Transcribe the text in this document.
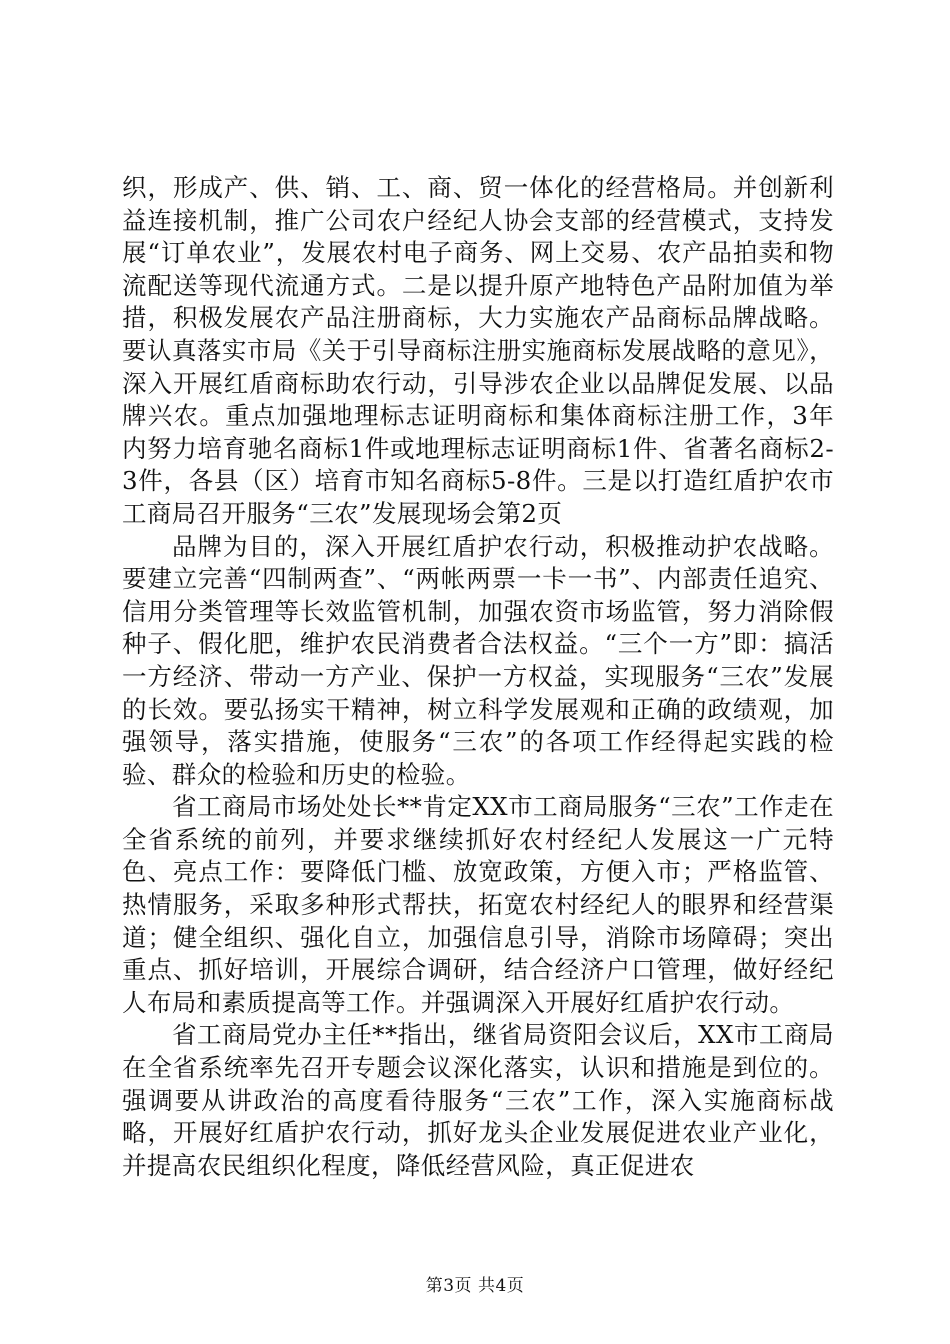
织，形成产、供、销、工、商、贸一体化的经营格局。并创新利益连接机制，推广公司农户经纪人协会支部的经营模式，支持发展“订单农业”，发展农村电子商务、网上交易、农产品拍卖和物流配送等现代流通方式。二是以提升原产地特色产品附加值为举措，积极发展农产品注册商标，大力实施农产品商标品牌战略。要认真落实市局《关于引导商标注册实施商标发展战略的意见》，深入开展红盾商标助农行动，引导涉农企业以品牌促发展、以品牌兴农。重点加强地理标志证明商标和集体商标注册工作，3年内努力培育驰名商标1件或地理标志证明商标1件、省著名商标2-3件，各县（区）培育市知名商标5-8件。三是以打造红盾护农市工商局召开服务“三农”发展现场会第2页

品牌为目的，深入开展红盾护农行动，积极推动护农战略。要建立完善“四制两查”、“两帐两票一卡一书”、内部责任追究、信用分类管理等长效监管机制，加强农资市场监管，努力消除假种子、假化肥，维护农民消费者合法权益。“三个一方”即：搞活一方经济、带动一方产业、保护一方权益，实现服务“三农”发展的长效。要弘扬实干精神，树立科学发展观和正确的政绩观，加强领导，落实措施，使服务“三农”的各项工作经得起实践的检验、群众的检验和历史的检验。

省工商局市场处处长**肯定XX市工商局服务“三农”工作走在全省系统的前列，并要求继续抓好农村经纪人发展这一广元特色、亮点工作：要降低门槛、放宽政策，方便入市；严格监管、热情服务，采取多种形式帮扶，拓宽农村经纪人的眼界和经营渠道；健全组织、强化自立，加强信息引导，消除市场障碍；突出重点、抓好培训，开展综合调研，结合经济户口管理，做好经纪人布局和素质提高等工作。并强调深入开展好红盾护农行动。

省工商局党办主任**指出，继省局资阳会议后，XX市工商局在全省系统率先召开专题会议深化落实，认识和措施是到位的。强调要从讲政治的高度看待服务“三农”工作，深入实施商标战略，开展好红盾护农行动，抓好龙头企业发展促进农业产业化，并提高农民组织化程度，降低经营风险，真正促进农

第3页 共4页
